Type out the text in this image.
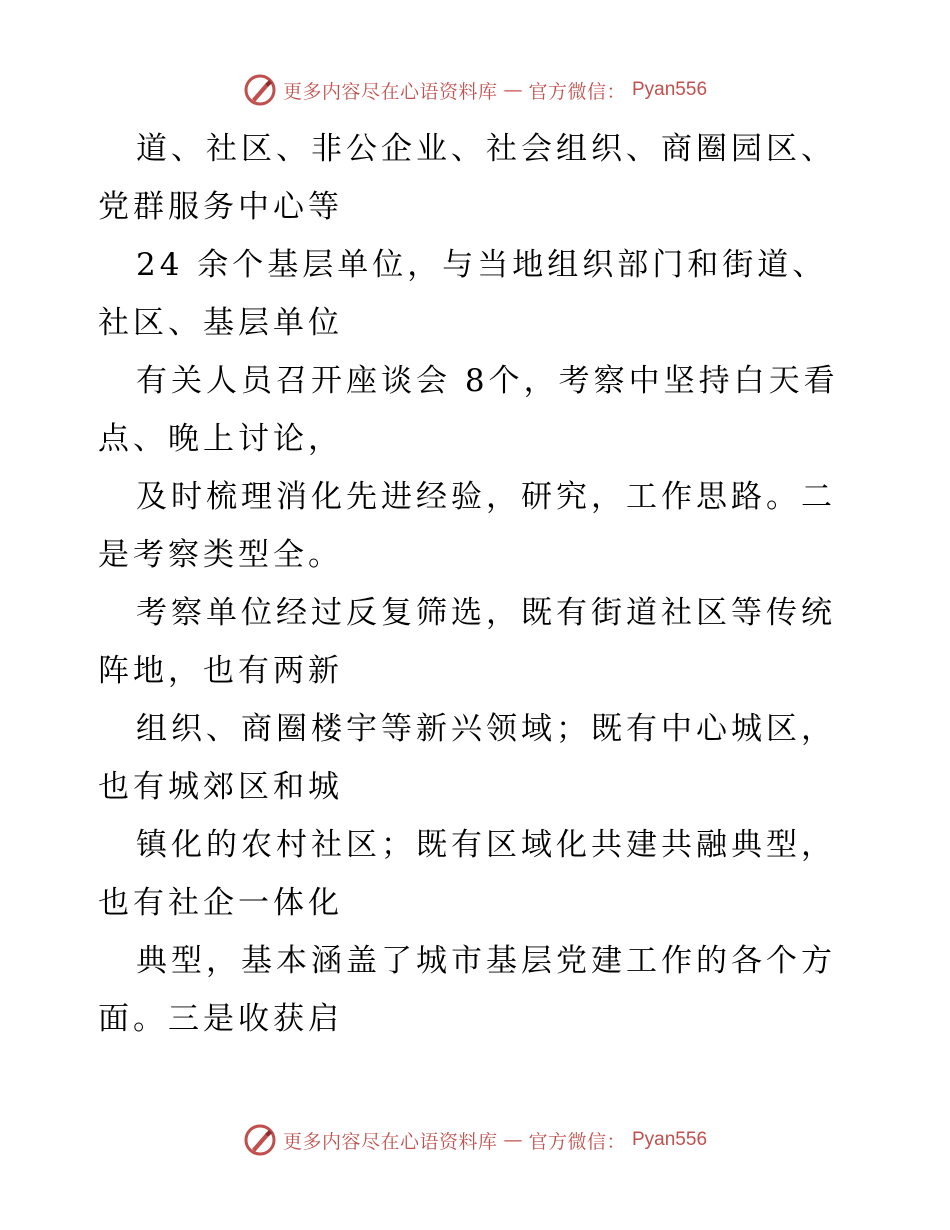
更多内容尽在心语资料库 — 官方微信： Pyan556

道、社区、非公企业、社会组织、商圈园区、党群服务中心等

24 余个基层单位，与当地组织部门和街道、社区、基层单位

有关人员召开座谈会 8个，考察中坚持白天看点、晚上讨论，

及时梳理消化先进经验，研究，工作思路。二是考察类型全。

考察单位经过反复筛选，既有街道社区等传统阵地，也有两新

组织、商圈楼宇等新兴领域；既有中心城区，也有城郊区和城

镇化的农村社区；既有区域化共建共融典型，也有社企一体化

典型，基本涵盖了城市基层党建工作的各个方面。三是收获启

更多内容尽在心语资料库 — 官方微信： Pyan556
